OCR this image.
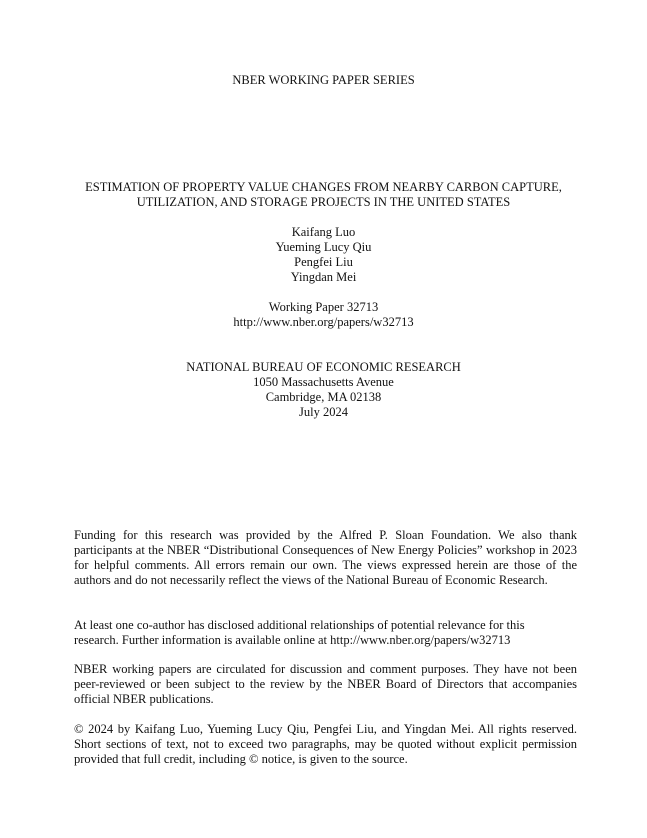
NBER WORKING PAPER SERIES
ESTIMATION OF PROPERTY VALUE CHANGES FROM NEARBY CARBON CAPTURE,
UTILIZATION, AND STORAGE PROJECTS IN THE UNITED STATES
Kaifang Luo
Yueming Lucy Qiu
Pengfei Liu
Yingdan Mei
Working Paper 32713
http://www.nber.org/papers/w32713
NATIONAL BUREAU OF ECONOMIC RESEARCH
1050 Massachusetts Avenue
Cambridge, MA 02138
July 2024

Funding for this research was provided by the Alfred P. Sloan Foundation. We also thank participants at the NBER “Distributional Consequences of New Energy Policies” workshop in 2023 for helpful comments. All errors remain our own. The views expressed herein are those of the authors and do not necessarily reflect the views of the National Bureau of Economic Research.

At least one co-author has disclosed additional relationships of potential relevance for this
research. Further information is available online at http://www.nber.org/papers/w32713

NBER working papers are circulated for discussion and comment purposes. They have not been peer-reviewed or been subject to the review by the NBER Board of Directors that accompanies official NBER publications.

© 2024 by Kaifang Luo, Yueming Lucy Qiu, Pengfei Liu, and Yingdan Mei. All rights reserved. Short sections of text, not to exceed two paragraphs, may be quoted without explicit permission provided that full credit, including © notice, is given to the source.
